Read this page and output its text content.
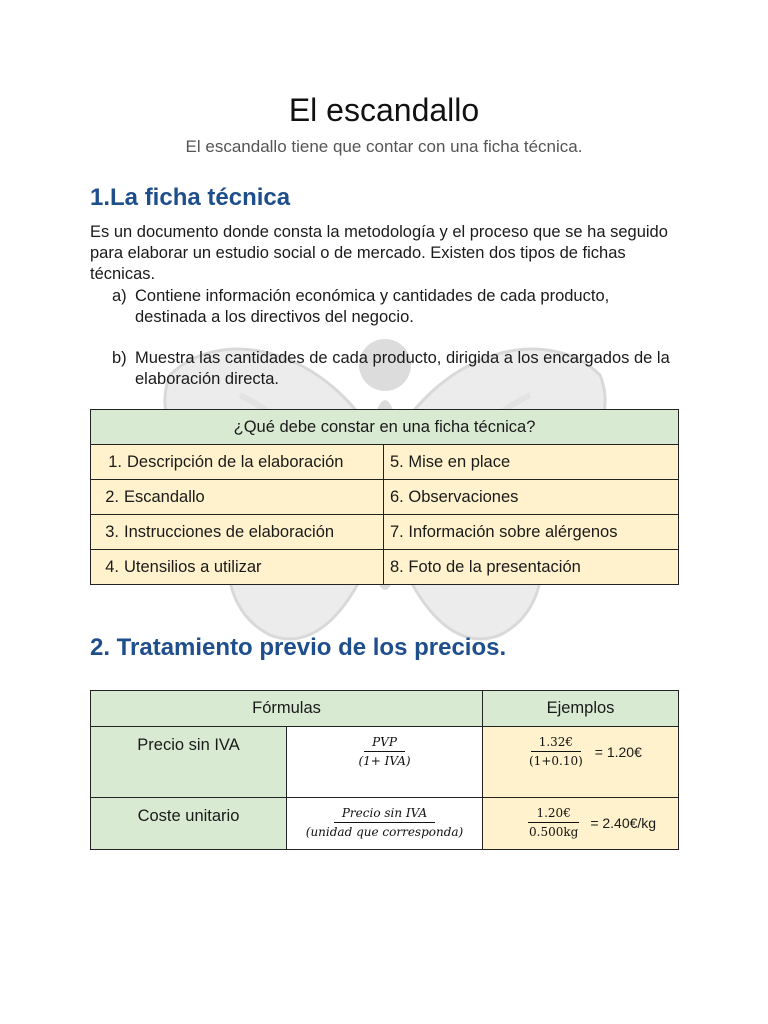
El escandallo
El escandallo tiene que contar con una ficha técnica.
1.La ficha técnica
Es un documento donde consta la metodología y el proceso que se ha seguido para elaborar un estudio social o de mercado. Existen dos tipos de fichas técnicas.
a) Contiene información económica y cantidades de cada producto, destinada a los directivos del negocio.
b) Muestra las cantidades de cada producto, dirigida a los encargados de la elaboración directa.
¿Qué debe constar en una ficha técnica?	
1. Descripción de la elaboración	5. Mise en place
2. Escandallo	6. Observaciones
3. Instrucciones de elaboración	7. Información sobre alérgenos
4. Utensilios a utilizar	8. Foto de la presentación
2. Tratamiento previo de los precios.
Fórmulas		Ejemplos
Precio sin IVA	$\frac{\text{PVP}}{\text{(1+ IVA)}}$	$\frac{1.32€}{(1+0.10)}$ = 1.20€

Coste unitario	$\frac{\text{Precio sin IVA}}{\text{(unidad que corresponda)}}$	$\frac{1.20€}{0.500kg}$ = 2.40€/kg
